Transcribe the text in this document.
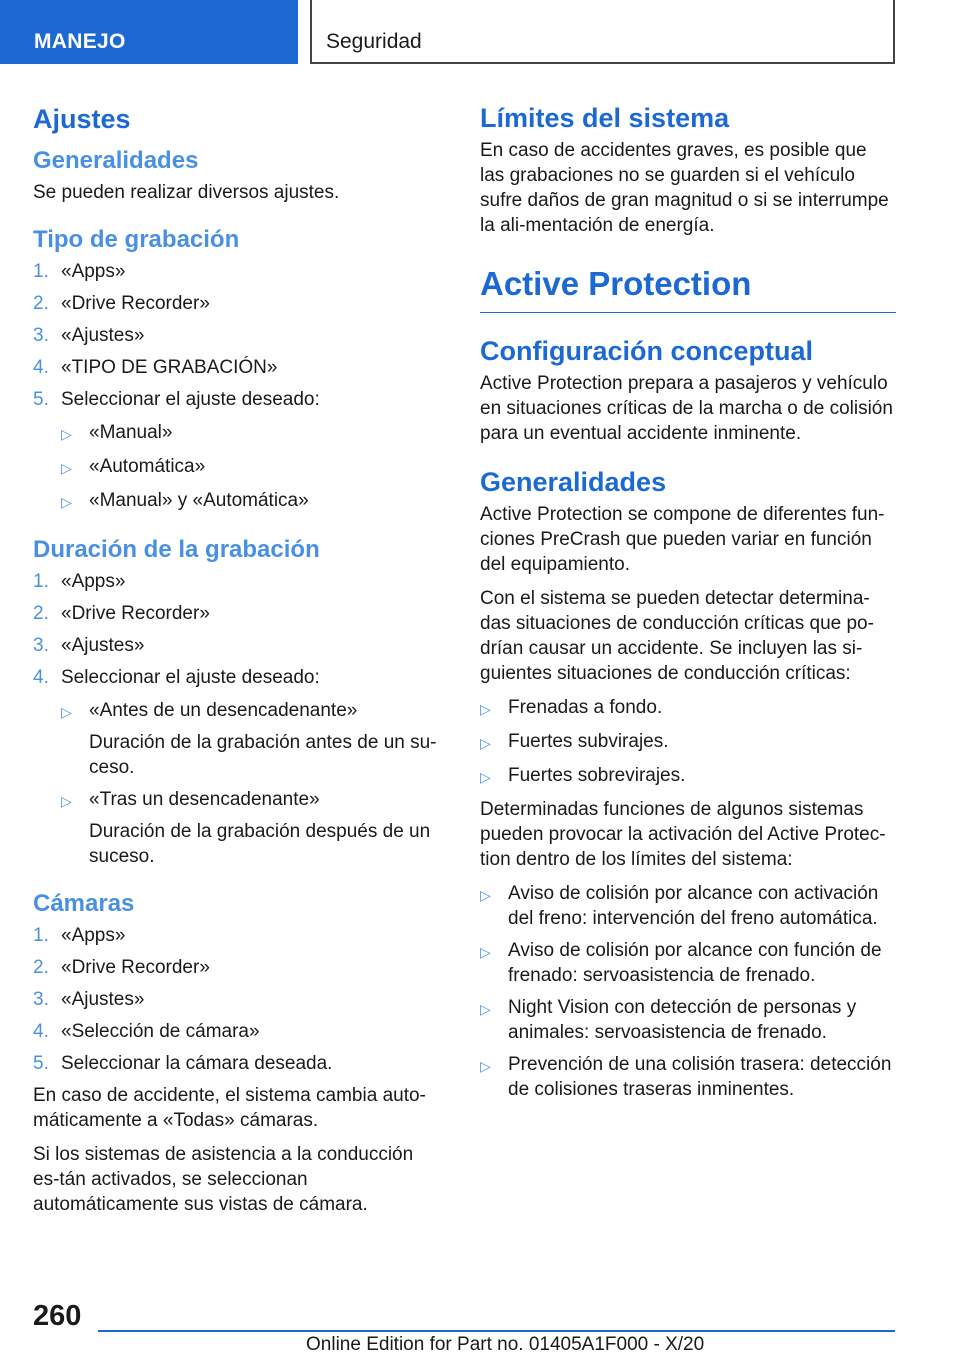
MANEJO	Seguridad
Ajustes
Generalidades

Se pueden realizar diversos ajustes.

Tipo de grabación
1. «Apps»
2. «Drive Recorder»
3. «Ajustes»
4. «TIPO DE GRABACIÓN»
5. Seleccionar el ajuste deseado:
▷ «Manual»
▷ «Automática»
▷ «Manual» y «Automática»
Duración de la grabación
1. «Apps»
2. «Drive Recorder»
3. «Ajustes»
4. Seleccionar el ajuste deseado:
▷ «Antes de un desencadenante»
Duración de la grabación antes de un su-ceso.
▷ «Tras un desencadenante»
Duración de la grabación después de un suceso.
Cámaras
1. «Apps»
2. «Drive Recorder»
3. «Ajustes»
4. «Selección de cámara»
5. Seleccionar la cámara deseada.

En caso de accidente, el sistema cambia auto-máticamente a «Todas» cámaras.

Si los sistemas de asistencia a la conducción es-tán activados, se seleccionan automáticamente sus vistas de cámara.

Límites del sistema

En caso de accidentes graves, es posible que las grabaciones no se guarden si el vehículo sufre daños de gran magnitud o si se interrumpe la ali-mentación de energía.

Active Protection
Configuración conceptual

Active Protection prepara a pasajeros y vehículo en situaciones críticas de la marcha o de colisión para un eventual accidente inminente.

Generalidades

Active Protection se compone de diferentes fun-ciones PreCrash que pueden variar en función del equipamiento.

Con el sistema se pueden detectar determina-das situaciones de conducción críticas que po-drían causar un accidente. Se incluyen las si-guientes situaciones de conducción críticas:

▷ Frenadas a fondo.
▷ Fuertes subvirajes.
▷ Fuertes sobrevirajes.

Determinadas funciones de algunos sistemas pueden provocar la activación del Active Protec-tion dentro de los límites del sistema:

▷ Aviso de colisión por alcance con activación del freno: intervención del freno automática.
▷ Aviso de colisión por alcance con función de frenado: servoasistencia de frenado.
▷ Night Vision con detección de personas y animales: servoasistencia de frenado.
▷ Prevención de una colisión trasera: detección de colisiones traseras inminentes.
260
Online Edition for Part no. 01405A1F000 - X/20
